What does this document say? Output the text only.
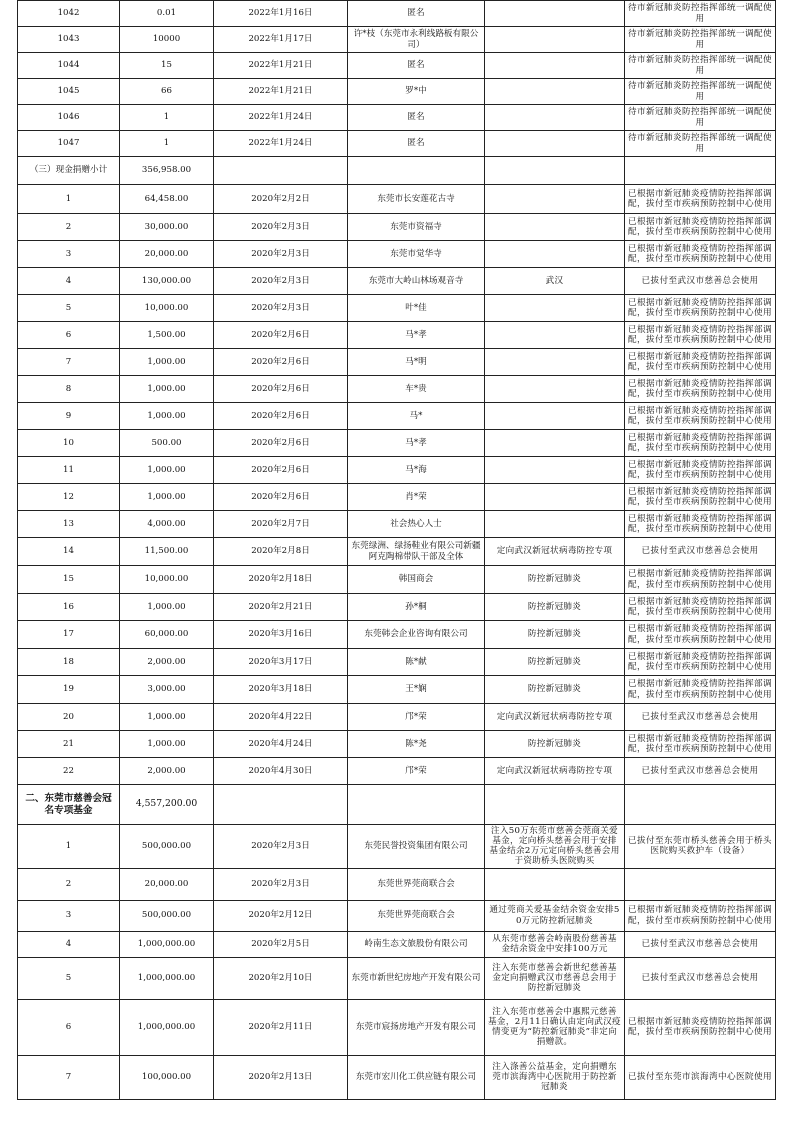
1042	0.01	2022年1月16日	匿名		待市新冠肺炎防控指挥部统一调配使用
1043	10000	2022年1月17日	许*枝（东莞市永利线路板有限公司）		待市新冠肺炎防控指挥部统一调配使用
1044	15	2022年1月21日	匿名		待市新冠肺炎防控指挥部统一调配使用
1045	66	2022年1月21日	罗*中		待市新冠肺炎防控指挥部统一调配使用
1046	1	2022年1月24日	匿名		待市新冠肺炎防控指挥部统一调配使用
1047	1	2022年1月24日	匿名		待市新冠肺炎防控指挥部统一调配使用
（三）现金捐赠小计	356,958.00				
1	64,458.00	2020年2月2日	东莞市长安莲花古寺		已根据市新冠肺炎疫情防控指挥部调配，拔付至市疾病预防控制中心使用
2	30,000.00	2020年2月3日	东莞市资福寺		已根据市新冠肺炎疫情防控指挥部调配，拔付至市疾病预防控制中心使用
3	20,000.00	2020年2月3日	东莞市觉华寺		已根据市新冠肺炎疫情防控指挥部调配，拔付至市疾病预防控制中心使用
4	130,000.00	2020年2月3日	东莞市大岭山林场观音寺	武汉	已拔付至武汉市慈善总会使用
5	10,000.00	2020年2月3日	叶*佳		已根据市新冠肺炎疫情防控指挥部调配，拔付至市疾病预防控制中心使用
6	1,500.00	2020年2月6日	马*孝		已根据市新冠肺炎疫情防控指挥部调配，拔付至市疾病预防控制中心使用
7	1,000.00	2020年2月6日	马*明		已根据市新冠肺炎疫情防控指挥部调配，拔付至市疾病预防控制中心使用
8	1,000.00	2020年2月6日	车*贵		已根据市新冠肺炎疫情防控指挥部调配，拔付至市疾病预防控制中心使用
9	1,000.00	2020年2月6日	马*		已根据市新冠肺炎疫情防控指挥部调配，拔付至市疾病预防控制中心使用
10	500.00	2020年2月6日	马*孝		已根据市新冠肺炎疫情防控指挥部调配，拔付至市疾病预防控制中心使用
11	1,000.00	2020年2月6日	马*海		已根据市新冠肺炎疫情防控指挥部调配，拔付至市疾病预防控制中心使用
12	1,000.00	2020年2月6日	肖*荣		已根据市新冠肺炎疫情防控指挥部调配，拔付至市疾病预防控制中心使用
13	4,000.00	2020年2月7日	社会热心人士		已根据市新冠肺炎疫情防控指挥部调配，拔付至市疾病预防控制中心使用
14	11,500.00	2020年2月8日	东莞绿洲、绿扬鞋业有限公司新疆阿克陶棉带队干部及全体	定向武汉新冠状病毒防控专项	已拔付至武汉市慈善总会使用
15	10,000.00	2020年2月18日	韩国商会	防控新冠肺炎	已根据市新冠肺炎疫情防控指挥部调配，拔付至市疾病预防控制中心使用
16	1,000.00	2020年2月21日	孙*桐	防控新冠肺炎	已根据市新冠肺炎疫情防控指挥部调配，拔付至市疾病预防控制中心使用
17	60,000.00	2020年3月16日	东莞韩会企业咨询有限公司	防控新冠肺炎	已根据市新冠肺炎疫情防控指挥部调配，拔付至市疾病预防控制中心使用
18	2,000.00	2020年3月17日	陈*献	防控新冠肺炎	已根据市新冠肺炎疫情防控指挥部调配，拔付至市疾病预防控制中心使用
19	3,000.00	2020年3月18日	王*娴	防控新冠肺炎	已根据市新冠肺炎疫情防控指挥部调配，拔付至市疾病预防控制中心使用
20	1,000.00	2020年4月22日	邝*荣	定向武汉新冠状病毒防控专项	已拔付至武汉市慈善总会使用
21	1,000.00	2020年4月24日	陈*尧	防控新冠肺炎	已根据市新冠肺炎疫情防控指挥部调配，拔付至市疾病预防控制中心使用
22	2,000.00	2020年4月30日	邝*荣	定向武汉新冠状病毒防控专项	已拔付至武汉市慈善总会使用
二、东莞市慈善会冠名专项基金	4,557,200.00				
1	500,000.00	2020年2月3日	东莞民誉投资集团有限公司	注入50万东莞市慈善会莞商关爱基金，定向桥头慈善会用于安排基金结余2万元定向桥头慈善会用于资助桥头医院购买	已拔付至东莞市桥头慈善会用于桥头医院购买救护车（设备）
2	20,000.00	2020年2月3日	东莞世界莞商联合会		
3	500,000.00	2020年2月12日	东莞世界莞商联合会	通过莞商关爱基金结余资金安排50万元防控新冠肺炎	已根据市新冠肺炎疫情防控指挥部调配，拔付至市疾病预防控制中心使用
4	1,000,000.00	2020年2月5日	岭南生态文旅股份有限公司	从东莞市慈善会岭南股份慈善基金结余资金中安排100万元	已拔付至武汉市慈善总会使用
5	1,000,000.00	2020年2月10日	东莞市新世纪房地产开发有限公司	注入东莞市慈善会新世纪慈善基金定向捐赠武汉市慈善总会用于防控新冠肺炎	已拔付至武汉市慈善总会使用
6	1,000,000.00	2020年2月11日	东莞市宸扬房地产开发有限公司	注入东莞市慈善会中惠熙元慈善基金，2月11日确认由定向武汉疫情变更为“防控新冠肺炎”非定向捐赠款。	已根据市新冠肺炎疫情防控指挥部调配，拔付至市疾病预防控制中心使用
7	100,000.00	2020年2月13日	东莞市宏川化工供应链有限公司	注入涤善公益基金，定向捐赠东莞市滨海湾中心医院用于防控新冠肺炎	已拔付至东莞市滨海湾中心医院使用
